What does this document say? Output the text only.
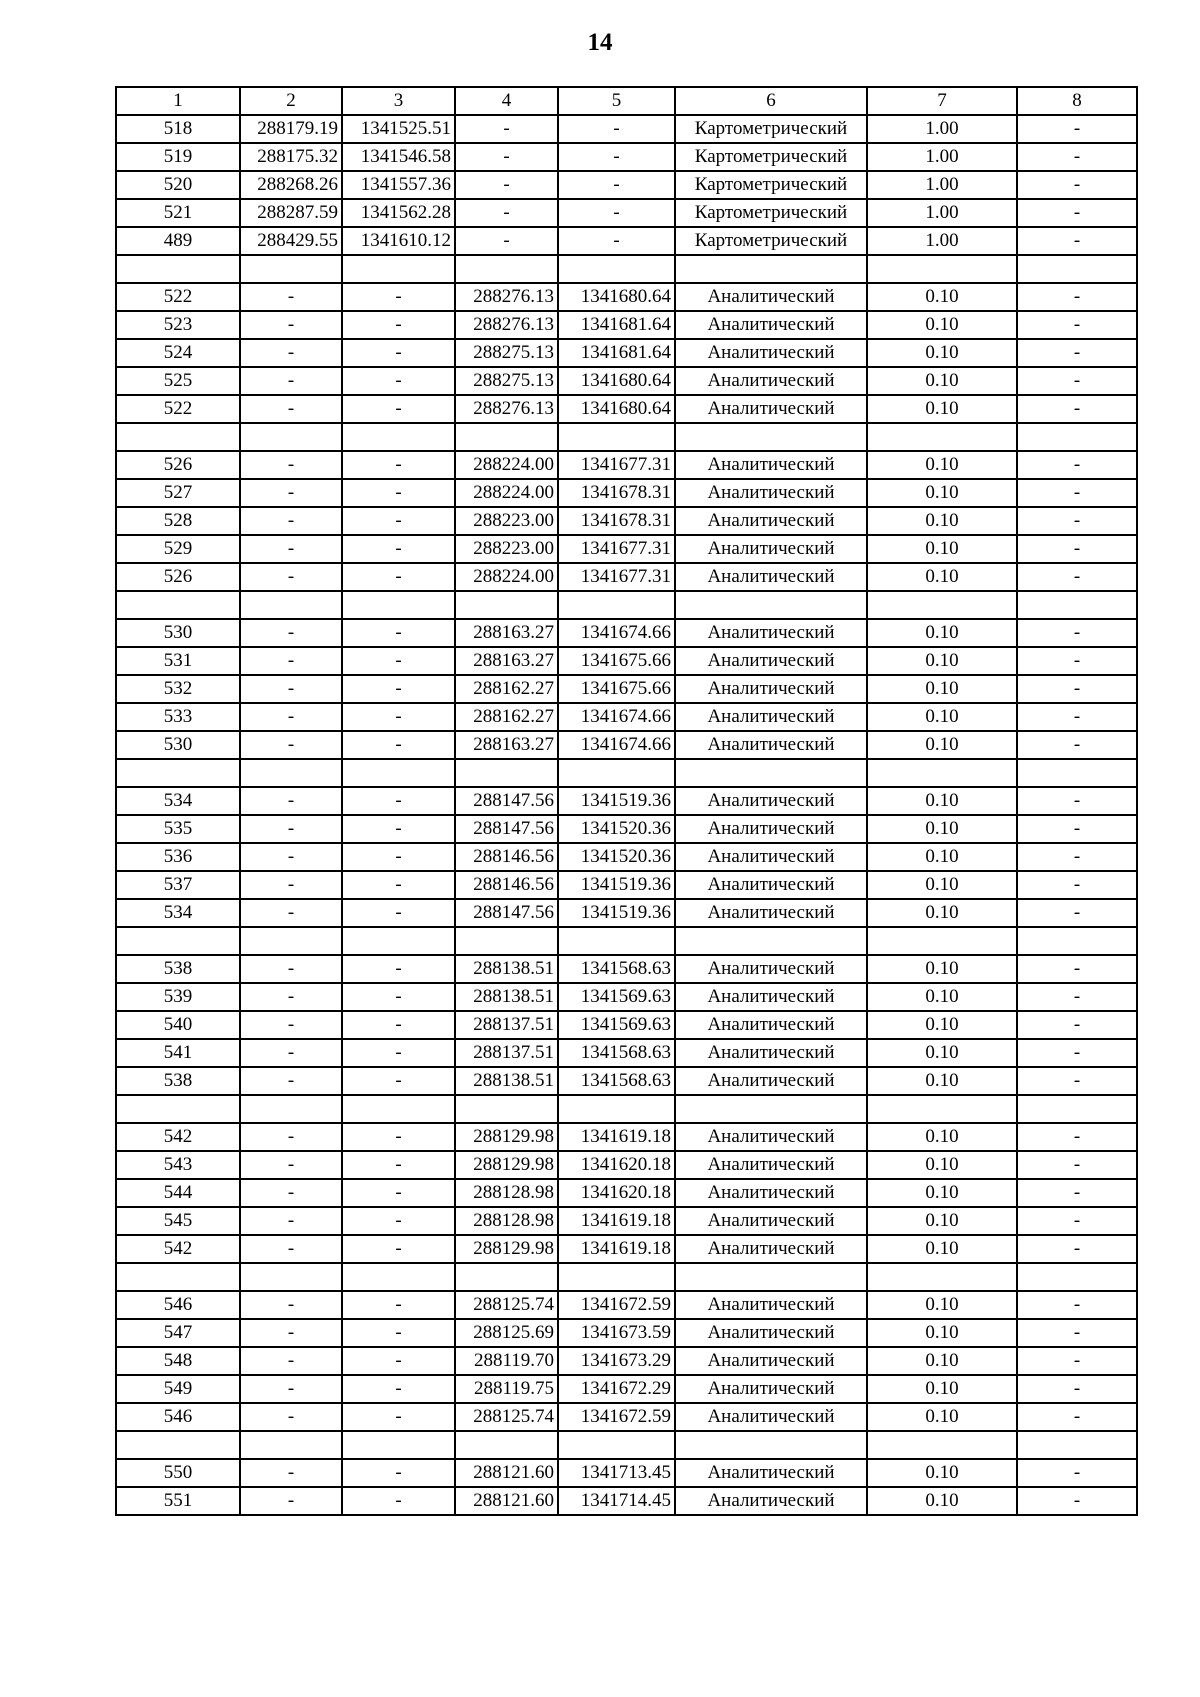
14
1	2	3	4	5	6	7	8
518	288179.19	1341525.51	-	-	Картометрический	1.00	-
519	288175.32	1341546.58	-	-	Картометрический	1.00	-
520	288268.26	1341557.36	-	-	Картометрический	1.00	-
521	288287.59	1341562.28	-	-	Картометрический	1.00	-
489	288429.55	1341610.12	-	-	Картометрический	1.00	-

522	-	-	288276.13	1341680.64	Аналитический	0.10	-
523	-	-	288276.13	1341681.64	Аналитический	0.10	-
524	-	-	288275.13	1341681.64	Аналитический	0.10	-
525	-	-	288275.13	1341680.64	Аналитический	0.10	-
522	-	-	288276.13	1341680.64	Аналитический	0.10	-

526	-	-	288224.00	1341677.31	Аналитический	0.10	-
527	-	-	288224.00	1341678.31	Аналитический	0.10	-
528	-	-	288223.00	1341678.31	Аналитический	0.10	-
529	-	-	288223.00	1341677.31	Аналитический	0.10	-
526	-	-	288224.00	1341677.31	Аналитический	0.10	-

530	-	-	288163.27	1341674.66	Аналитический	0.10	-
531	-	-	288163.27	1341675.66	Аналитический	0.10	-
532	-	-	288162.27	1341675.66	Аналитический	0.10	-
533	-	-	288162.27	1341674.66	Аналитический	0.10	-
530	-	-	288163.27	1341674.66	Аналитический	0.10	-

534	-	-	288147.56	1341519.36	Аналитический	0.10	-
535	-	-	288147.56	1341520.36	Аналитический	0.10	-
536	-	-	288146.56	1341520.36	Аналитический	0.10	-
537	-	-	288146.56	1341519.36	Аналитический	0.10	-
534	-	-	288147.56	1341519.36	Аналитический	0.10	-

538	-	-	288138.51	1341568.63	Аналитический	0.10	-
539	-	-	288138.51	1341569.63	Аналитический	0.10	-
540	-	-	288137.51	1341569.63	Аналитический	0.10	-
541	-	-	288137.51	1341568.63	Аналитический	0.10	-
538	-	-	288138.51	1341568.63	Аналитический	0.10	-

542	-	-	288129.98	1341619.18	Аналитический	0.10	-
543	-	-	288129.98	1341620.18	Аналитический	0.10	-
544	-	-	288128.98	1341620.18	Аналитический	0.10	-
545	-	-	288128.98	1341619.18	Аналитический	0.10	-
542	-	-	288129.98	1341619.18	Аналитический	0.10	-

546	-	-	288125.74	1341672.59	Аналитический	0.10	-
547	-	-	288125.69	1341673.59	Аналитический	0.10	-
548	-	-	288119.70	1341673.29	Аналитический	0.10	-
549	-	-	288119.75	1341672.29	Аналитический	0.10	-
546	-	-	288125.74	1341672.59	Аналитический	0.10	-

550	-	-	288121.60	1341713.45	Аналитический	0.10	-
551	-	-	288121.60	1341714.45	Аналитический	0.10	-
